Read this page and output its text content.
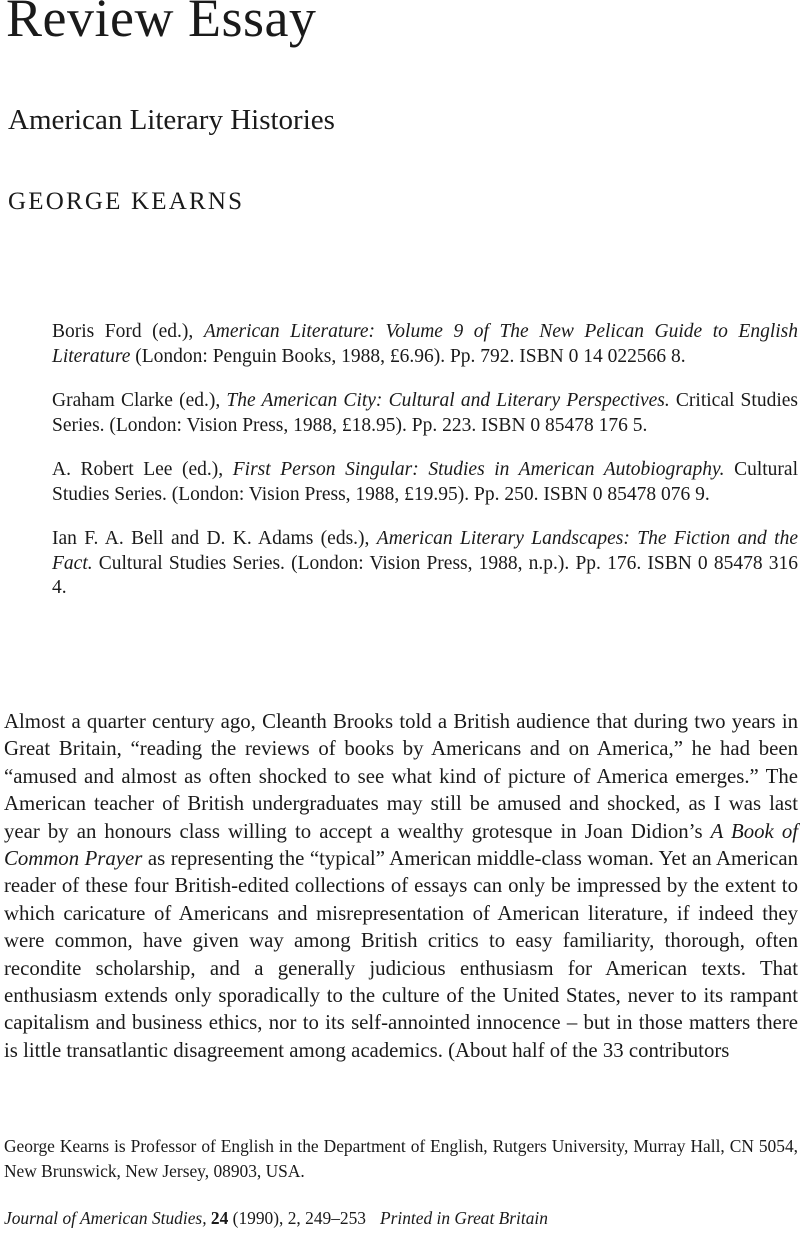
Review Essay
American Literary Histories
GEORGE KEARNS
Boris Ford (ed.), American Literature: Volume 9 of The New Pelican Guide to English Literature (London: Penguin Books, 1988, £6.96). Pp. 792. ISBN 0 14 022566 8.
Graham Clarke (ed.), The American City: Cultural and Literary Perspectives. Critical Studies Series. (London: Vision Press, 1988, £18.95). Pp. 223. ISBN 0 85478 176 5.
A. Robert Lee (ed.), First Person Singular: Studies in American Autobiography. Cultural Studies Series. (London: Vision Press, 1988, £19.95). Pp. 250. ISBN 0 85478 076 9.
Ian F. A. Bell and D. K. Adams (eds.), American Literary Landscapes: The Fiction and the Fact. Cultural Studies Series. (London: Vision Press, 1988, n.p.). Pp. 176. ISBN 0 85478 316 4.

Almost a quarter century ago, Cleanth Brooks told a British audience that during two years in Great Britain, “reading the reviews of books by Americans and on America,” he had been “amused and almost as often shocked to see what kind of picture of America emerges.” The American teacher of British undergraduates may still be amused and shocked, as I was last year by an honours class willing to accept a wealthy grotesque in Joan Didion’s A Book of Common Prayer as representing the “typical” American middle-class woman. Yet an American reader of these four British-edited collections of essays can only be impressed by the extent to which caricature of Americans and misrepresentation of American literature, if indeed they were common, have given way among British critics to easy familiarity, thorough, often recondite scholarship, and a generally judicious enthusiasm for American texts. That enthusiasm extends only sporadically to the culture of the United States, never to its rampant capitalism and business ethics, nor to its self-annointed innocence – but in those matters there is little transatlantic disagreement among academics. (About half of the 33 contributors

George Kearns is Professor of English in the Department of English, Rutgers University, Murray Hall, CN 5054, New Brunswick, New Jersey, 08903, USA.

Journal of American Studies, 24 (1990), 2, 249–253 Printed in Great Britain
